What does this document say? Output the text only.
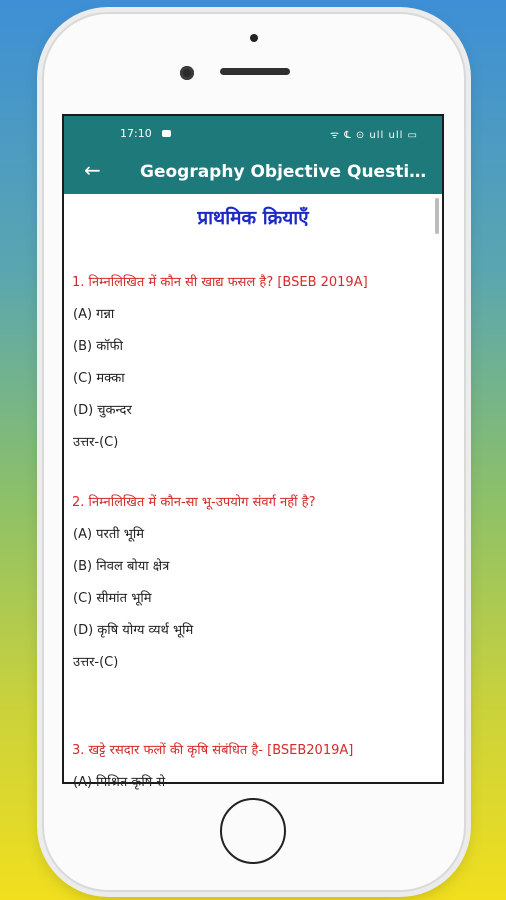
17:10	ᯤ ℄ ⊙ ull ull ▭
← Geography Objective Questi…
प्राथमिक क्रियाएँ
1. निम्नलिखित में कौन सी खाद्य फसल है? [BSEB 2019A]
(A) गन्ना
(B) कॉफी
(C) मक्का
(D) चुकन्दर
उत्तर-(C)
2. निम्नलिखित में कौन-सा भू-उपयोग संवर्ग नहीं है?
(A) परती भूमि
(B) निवल बोया क्षेत्र
(C) सीमांत भूमि
(D) कृषि योग्य व्यर्थ भूमि
उत्तर-(C)
3. खट्टे रसदार फलों की कृषि संबंधित है- [BSEB2019A]
(A) मिश्रित कृषि से
